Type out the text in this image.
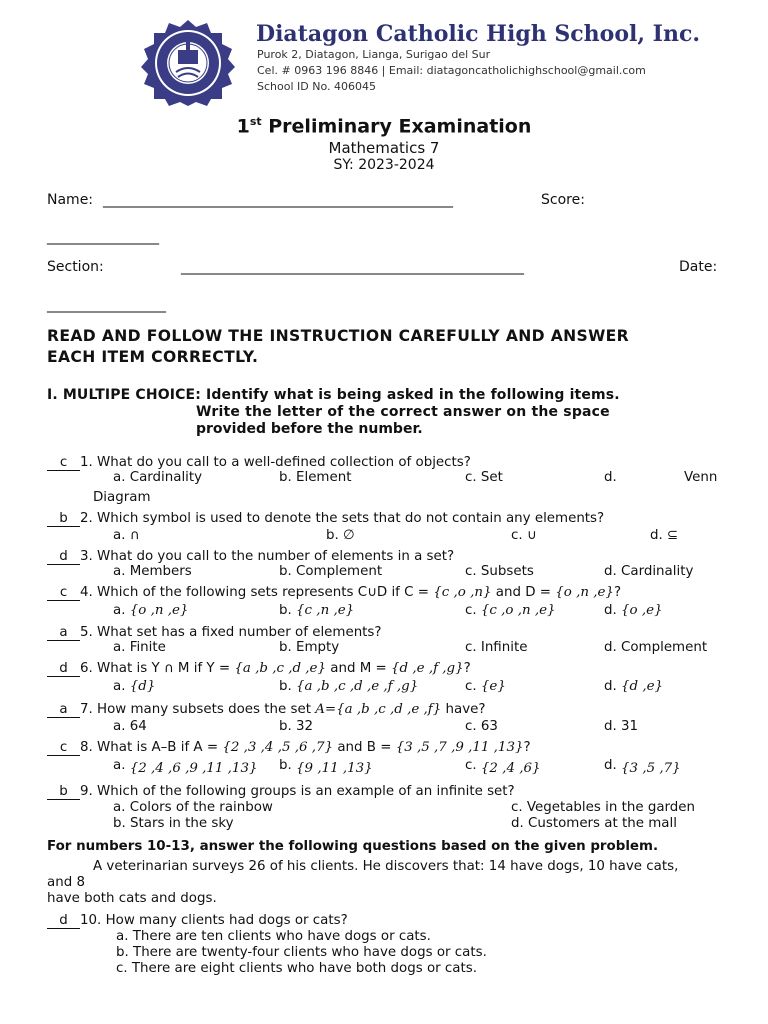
Diatagon Catholic High School, Inc.
Purok 2, Diatagon, Lianga, Surigao del Sur
Cel. # 0963 196 8846 | Email: diatagoncatholichighschool@gmail.com
School ID No. 406045
1st Preliminary Examination
Mathematics 7
SY: 2023-2024
Name: __________________________________________________	Score:
________________
Section:	_________________________________________________	Date:
_________________
READ AND FOLLOW THE INSTRUCTION CAREFULLY AND ANSWER
EACH ITEM CORRECTLY.
I. MULTIPE CHOICE: Identify what is being asked in the following items.
Write the letter of the correct answer on the space
provided before the number.
c 1. What do you call to a well-defined collection of objects?
a. Cardinality	b. Element	c. Set	d.	Venn
Diagram
b 2. Which symbol is used to denote the sets that do not contain any elements?
a. ∩	b. ∅	c. ∪	d. ⊆
d 3. What do you call to the number of elements in a set?
a. Members	b. Complement	c. Subsets	d. Cardinality
c 4. Which of the following sets represents C∪D if C = {c ,o ,n} and D = {o ,n ,e}?
a. {o ,n ,e}	b. {c ,n ,e}	c. {c ,o ,n ,e}	d. {o ,e}
a 5. What set has a fixed number of elements?
a. Finite	b. Empty	c. Infinite	d. Complement
d 6. What is Y ∩ M if Y = {a ,b ,c ,d ,e} and M = {d ,e ,f ,g}?
a. {d}	b. {a ,b ,c ,d ,e ,f ,g}	c. {e}	d. {d ,e}
a 7. How many subsets does the set A={a ,b ,c ,d ,e ,f} have?
a. 64	b. 32	c. 63	d. 31
c 8. What is A–B if A = {2 ,3 ,4 ,5 ,6 ,7} and B = {3 ,5 ,7 ,9 ,11 ,13}?
a. {2 ,4 ,6 ,9 ,11 ,13} b. {9 ,11 ,13}	c. {2 ,4 ,6}	d. {3 ,5 ,7}
b 9. Which of the following groups is an example of an infinite set?
a. Colors of the rainbow	c. Vegetables in the garden
b. Stars in the sky	d. Customers at the mall
For numbers 10-13, answer the following questions based on the given problem.
A veterinarian surveys 26 of his clients. He discovers that: 14 have dogs, 10 have cats,
and 8
have both cats and dogs.
d 10. How many clients had dogs or cats?
a. There are ten clients who have dogs or cats.
b. There are twenty-four clients who have dogs or cats.
c. There are eight clients who have both dogs or cats.
